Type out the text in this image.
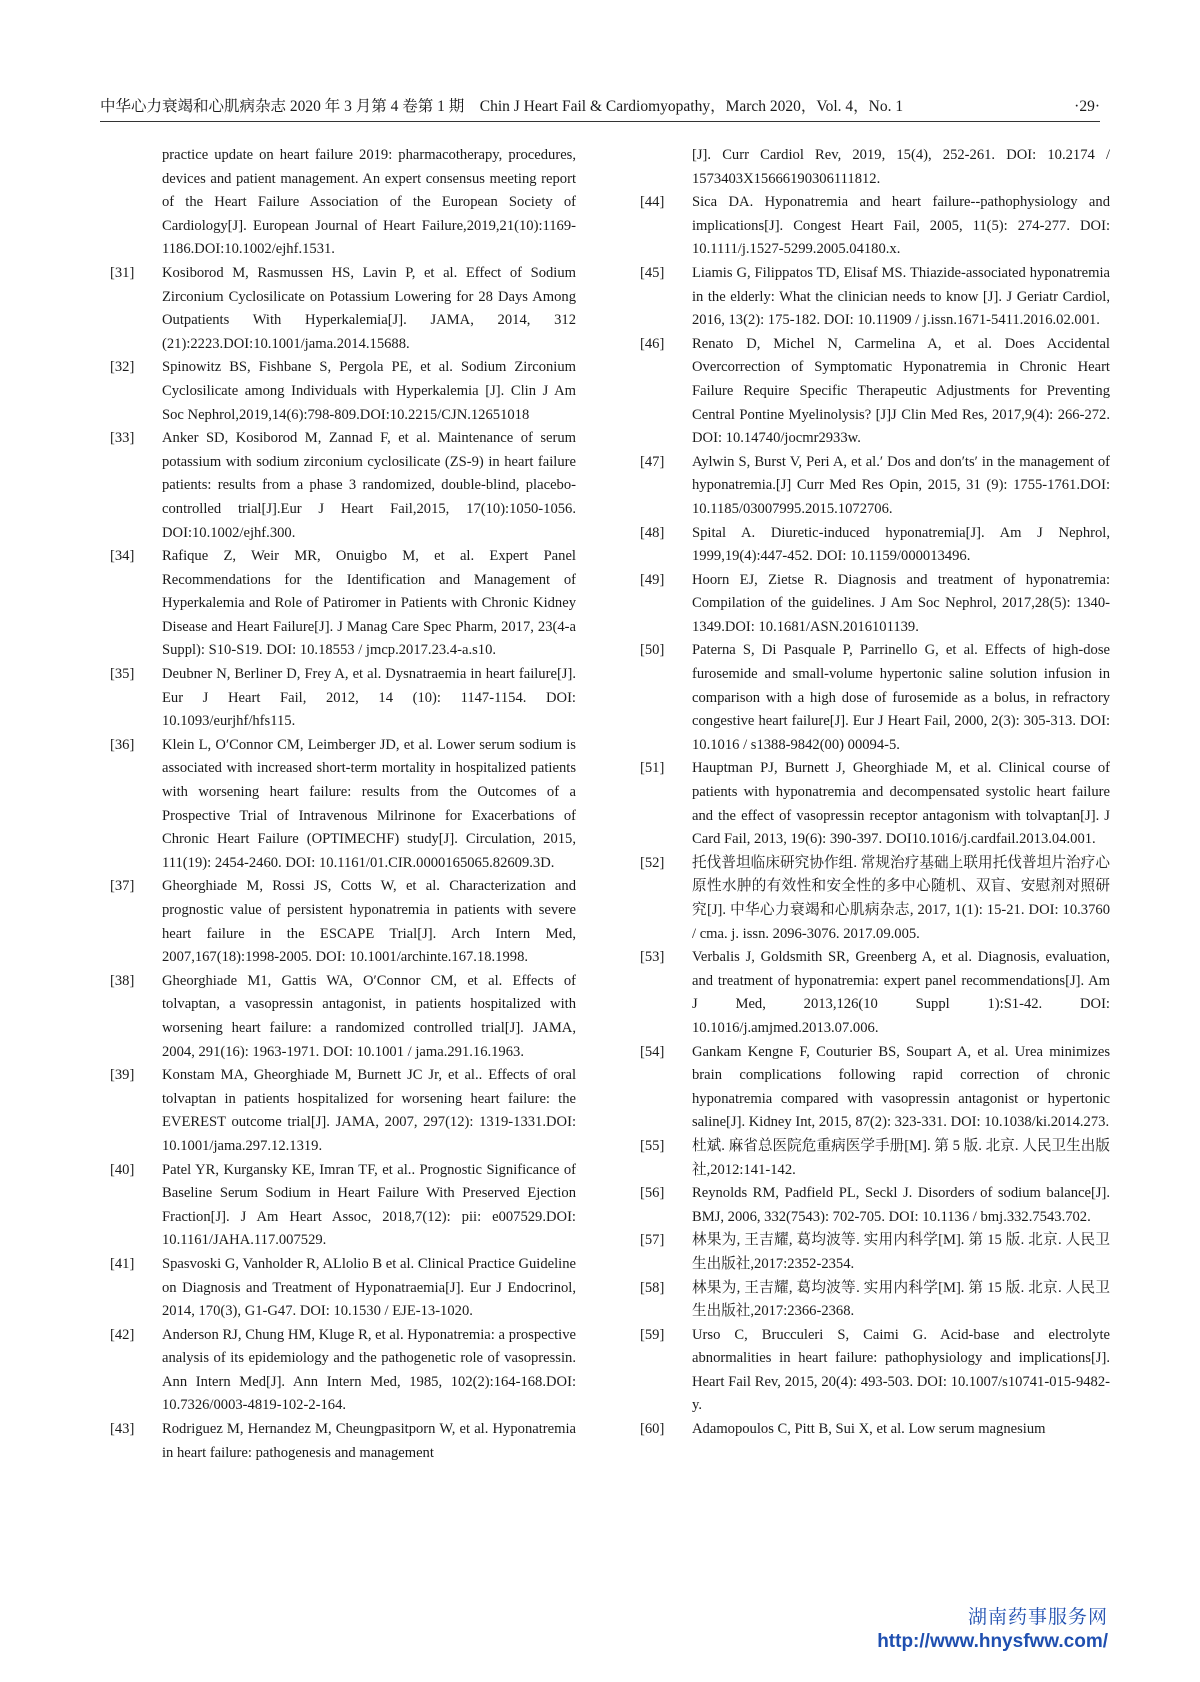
中华心力衰竭和心肌病杂志 2020 年 3 月第 4 卷第 1 期　Chin J Heart Fail & Cardiomyopathy，March 2020，Vol. 4，No. 1	·29·
practice update on heart failure 2019: pharmacotherapy, procedures, devices and patient management. An expert consensus meeting report of the Heart Failure Association of the European Society of Cardiology[J]. European Journal of Heart Failure,2019,21(10):1169-1186.DOI:10.1002/ejhf.1531.
[31] Kosiborod M, Rasmussen HS, Lavin P, et al. Effect of Sodium Zirconium Cyclosilicate on Potassium Lowering for 28 Days Among Outpatients With Hyperkalemia[J]. JAMA, 2014, 312 (21):2223.DOI:10.1001/jama.2014.15688.
[32] Spinowitz BS, Fishbane S, Pergola PE, et al. Sodium Zirconium Cyclosilicate among Individuals with Hyperkalemia [J]. Clin J Am Soc Nephrol,2019,14(6):798-809.DOI:10.2215/CJN.12651018
[33] Anker SD, Kosiborod M, Zannad F, et al. Maintenance of serum potassium with sodium zirconium cyclosilicate (ZS-9) in heart failure patients: results from a phase 3 randomized, double-blind, placebo-controlled trial[J].Eur J Heart Fail,2015, 17(10):1050-1056. DOI:10.1002/ejhf.300.
[34] Rafique Z, Weir MR, Onuigbo M, et al. Expert Panel Recommendations for the Identification and Management of Hyperkalemia and Role of Patiromer in Patients with Chronic Kidney Disease and Heart Failure[J]. J Manag Care Spec Pharm, 2017, 23(4-a Suppl): S10-S19. DOI: 10.18553 / jmcp.2017.23.4-a.s10.
[35] Deubner N, Berliner D, Frey A, et al. Dysnatraemia in heart failure[J]. Eur J Heart Fail, 2012, 14 (10): 1147-1154. DOI: 10.1093/eurjhf/hfs115.
[36] Klein L, O′Connor CM, Leimberger JD, et al. Lower serum sodium is associated with increased short-term mortality in hospitalized patients with worsening heart failure: results from the Outcomes of a Prospective Trial of Intravenous Milrinone for Exacerbations of Chronic Heart Failure (OPTIMECHF) study[J]. Circulation, 2015, 111(19): 2454-2460. DOI: 10.1161/01.CIR.0000165065.82609.3D.
[37] Gheorghiade M, Rossi JS, Cotts W, et al. Characterization and prognostic value of persistent hyponatremia in patients with severe heart failure in the ESCAPE Trial[J]. Arch Intern Med, 2007,167(18):1998-2005. DOI: 10.1001/archinte.167.18.1998.
[38] Gheorghiade M1, Gattis WA, O′Connor CM, et al. Effects of tolvaptan, a vasopressin antagonist, in patients hospitalized with worsening heart failure: a randomized controlled trial[J]. JAMA, 2004, 291(16): 1963-1971. DOI: 10.1001 / jama.291.16.1963.
[39] Konstam MA, Gheorghiade M, Burnett JC Jr, et al.. Effects of oral tolvaptan in patients hospitalized for worsening heart failure: the EVEREST outcome trial[J]. JAMA, 2007, 297(12): 1319-1331.DOI: 10.1001/jama.297.12.1319.
[40] Patel YR, Kurgansky KE, Imran TF, et al.. Prognostic Significance of Baseline Serum Sodium in Heart Failure With Preserved Ejection Fraction[J]. J Am Heart Assoc, 2018,7(12): pii: e007529.DOI: 10.1161/JAHA.117.007529.
[41] Spasvoski G, Vanholder R, ALlolio B et al. Clinical Practice Guideline on Diagnosis and Treatment of Hyponatraemia[J]. Eur J Endocrinol, 2014, 170(3), G1-G47. DOI: 10.1530 / EJE-13-1020.
[42] Anderson RJ, Chung HM, Kluge R, et al. Hyponatremia: a prospective analysis of its epidemiology and the pathogenetic role of vasopressin. Ann Intern Med[J]. Ann Intern Med, 1985, 102(2):164-168.DOI: 10.7326/0003-4819-102-2-164.
[43] Rodriguez M, Hernandez M, Cheungpasitporn W, et al. Hyponatremia in heart failure: pathogenesis and management
[J]. Curr Cardiol Rev, 2019, 15(4), 252-261. DOI: 10.2174 / 1573403X15666190306111812.
[44] Sica DA. Hyponatremia and heart failure--pathophysiology and implications[J]. Congest Heart Fail, 2005, 11(5): 274-277. DOI: 10.1111/j.1527-5299.2005.04180.x.
[45] Liamis G, Filippatos TD, Elisaf MS. Thiazide-associated hyponatremia in the elderly: What the clinician needs to know [J]. J Geriatr Cardiol, 2016, 13(2): 175-182. DOI: 10.11909 / j.issn.1671-5411.2016.02.001.
[46] Renato D, Michel N, Carmelina A, et al. Does Accidental Overcorrection of Symptomatic Hyponatremia in Chronic Heart Failure Require Specific Therapeutic Adjustments for Preventing Central Pontine Myelinolysis? [J]J Clin Med Res, 2017,9(4): 266-272. DOI: 10.14740/jocmr2933w.
[47] Aylwin S, Burst V, Peri A, et al.′ Dos and don′ts′ in the management of hyponatremia.[J] Curr Med Res Opin, 2015, 31 (9): 1755-1761.DOI: 10.1185/03007995.2015.1072706.
[48] Spital A. Diuretic-induced hyponatremia[J]. Am J Nephrol, 1999,19(4):447-452. DOI: 10.1159/000013496.
[49] Hoorn EJ, Zietse R. Diagnosis and treatment of hyponatremia: Compilation of the guidelines. J Am Soc Nephrol, 2017,28(5): 1340-1349.DOI: 10.1681/ASN.2016101139.
[50] Paterna S, Di Pasquale P, Parrinello G, et al. Effects of high-dose furosemide and small-volume hypertonic saline solution infusion in comparison with a high dose of furosemide as a bolus, in refractory congestive heart failure[J]. Eur J Heart Fail, 2000, 2(3): 305-313. DOI: 10.1016 / s1388-9842(00) 00094-5.
[51] Hauptman PJ, Burnett J, Gheorghiade M, et al. Clinical course of patients with hyponatremia and decompensated systolic heart failure and the effect of vasopressin receptor antagonism with tolvaptan[J]. J Card Fail, 2013, 19(6): 390-397. DOI10.1016/j.cardfail.2013.04.001.
[52] 托伐普坦临床研究协作组. 常规治疗基础上联用托伐普坦片治疗心原性水肿的有效性和安全性的多中心随机、双盲、安慰剂对照研究[J]. 中华心力衰竭和心肌病杂志, 2017, 1(1): 15-21. DOI: 10.3760 / cma. j. issn. 2096-3076. 2017.09.005.
[53] Verbalis J, Goldsmith SR, Greenberg A, et al. Diagnosis, evaluation, and treatment of hyponatremia: expert panel recommendations[J]. Am J Med, 2013,126(10 Suppl 1):S1-42. DOI: 10.1016/j.amjmed.2013.07.006.
[54] Gankam Kengne F, Couturier BS, Soupart A, et al. Urea minimizes brain complications following rapid correction of chronic hyponatremia compared with vasopressin antagonist or hypertonic saline[J]. Kidney Int, 2015, 87(2): 323-331. DOI: 10.1038/ki.2014.273.
[55] 杜斌. 麻省总医院危重病医学手册[M]. 第 5 版. 北京. 人民卫生出版社,2012:141-142.
[56] Reynolds RM, Padfield PL, Seckl J. Disorders of sodium balance[J]. BMJ, 2006, 332(7543): 702-705. DOI: 10.1136 / bmj.332.7543.702.
[57] 林果为, 王吉耀, 葛均波等. 实用内科学[M]. 第 15 版. 北京. 人民卫生出版社,2017:2352-2354.
[58] 林果为, 王吉耀, 葛均波等. 实用内科学[M]. 第 15 版. 北京. 人民卫生出版社,2017:2366-2368.
[59] Urso C, Brucculeri S, Caimi G. Acid-base and electrolyte abnormalities in heart failure: pathophysiology and implications[J]. Heart Fail Rev, 2015, 20(4): 493-503. DOI: 10.1007/s10741-015-9482-y.
[60] Adamopoulos C, Pitt B, Sui X, et al. Low serum magnesium
湖南药事服务网
http://www.hnysfww.com/
